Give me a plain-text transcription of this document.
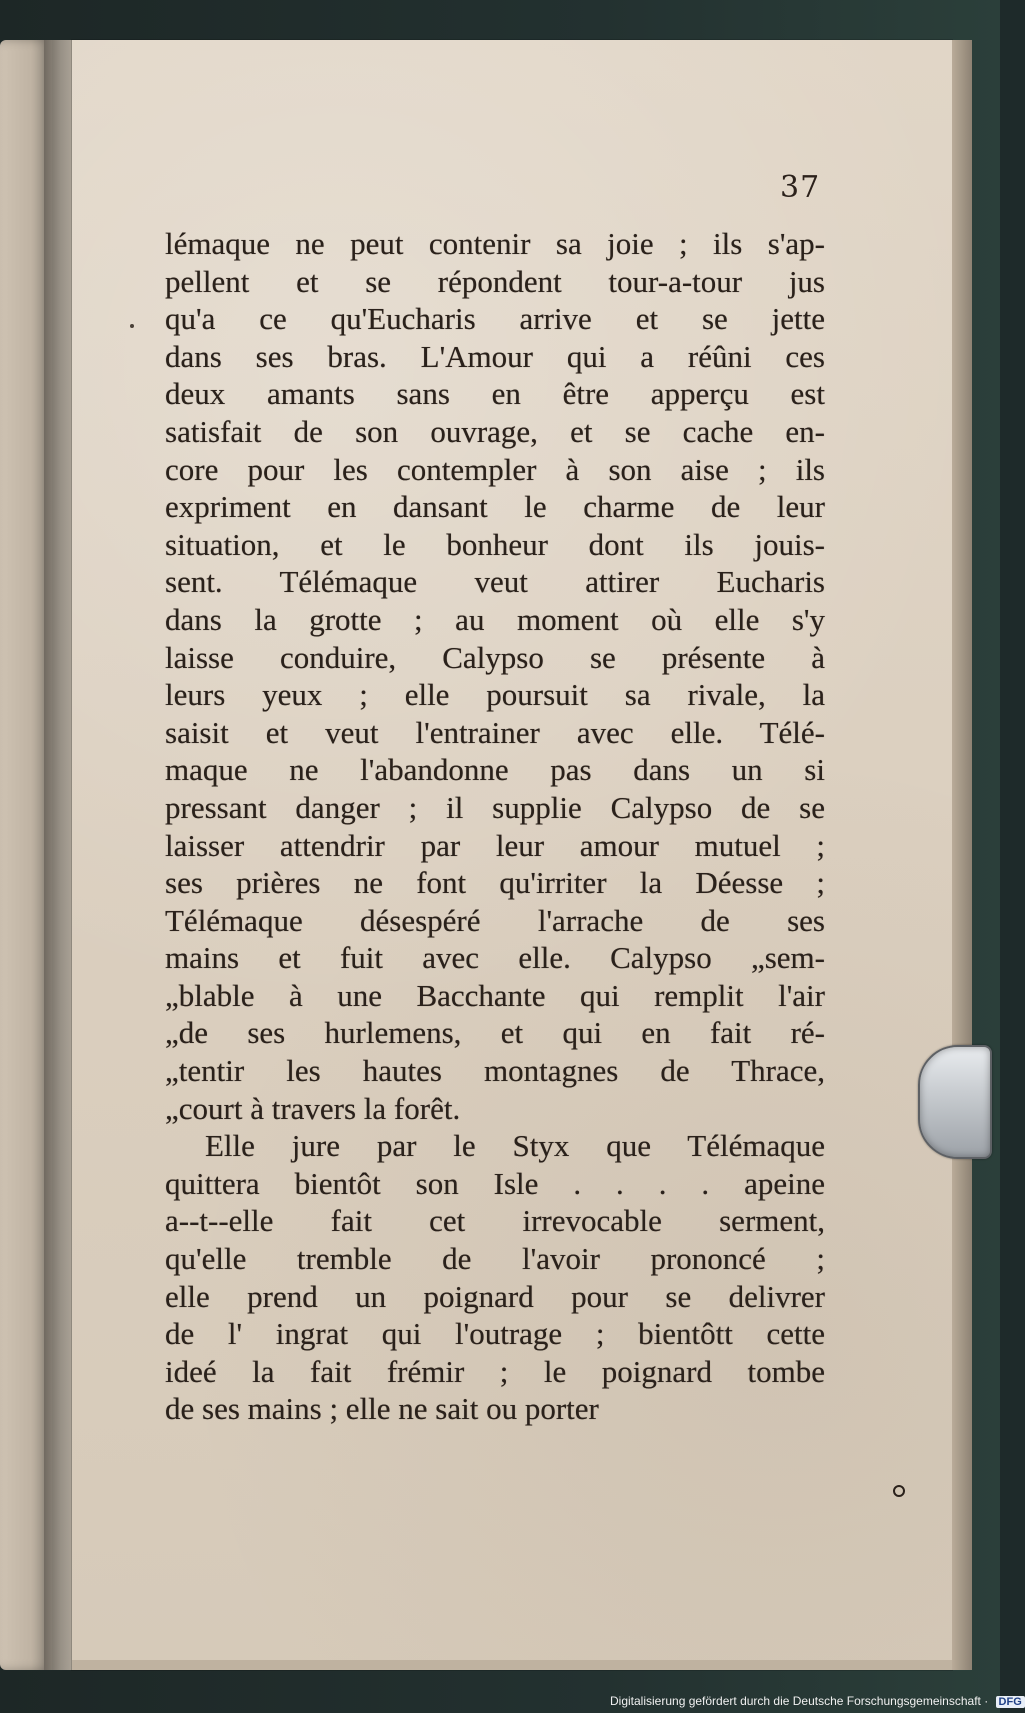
37
lémaque ne peut contenir sa joie ; ils s'ap-
pellent et se répondent tour-a-tour jus
qu'a ce qu'Eucharis arrive et se jette
dans ses bras. L'Amour qui a réûni ces
deux amants sans en être apperçu est
satisfait de son ouvrage, et se cache en-
core pour les contempler à son aise ; ils
expriment en dansant le charme de leur
situation, et le bonheur dont ils jouis-
sent. Télémaque veut attirer Eucharis
dans la grotte ; au moment où elle s'y
laisse conduire, Calypso se présente à
leurs yeux ; elle poursuit sa rivale, la
saisit et veut l'entrainer avec elle. Télé-
maque ne l'abandonne pas dans un si
pressant danger ; il supplie Calypso de se
laisser attendrir par leur amour mutuel ;
ses prières ne font qu'irriter la Déesse ;
Télémaque désespéré l'arrache de ses
mains et fuit avec elle. Calypso „sem-
„blable à une Bacchante qui remplit l'air
„de ses hurlemens, et qui en fait ré-
„tentir les hautes montagnes de Thrace,
„court à travers la forêt.
Elle jure par le Styx que Télémaque
quittera bientôt son Isle . . . . apeine
a--t--elle fait cet irrevocable serment,
qu'elle tremble de l'avoir prononcé ;
elle prend un poignard pour se delivrer
de l' ingrat qui l'outrage ; bientôtt cette
ideé la fait frémir ; le poignard tombe
de ses mains ; elle ne sait ou porter
Digitalisierung gefördert durch die Deutsche Forschungsgemeinschaft · DFG
